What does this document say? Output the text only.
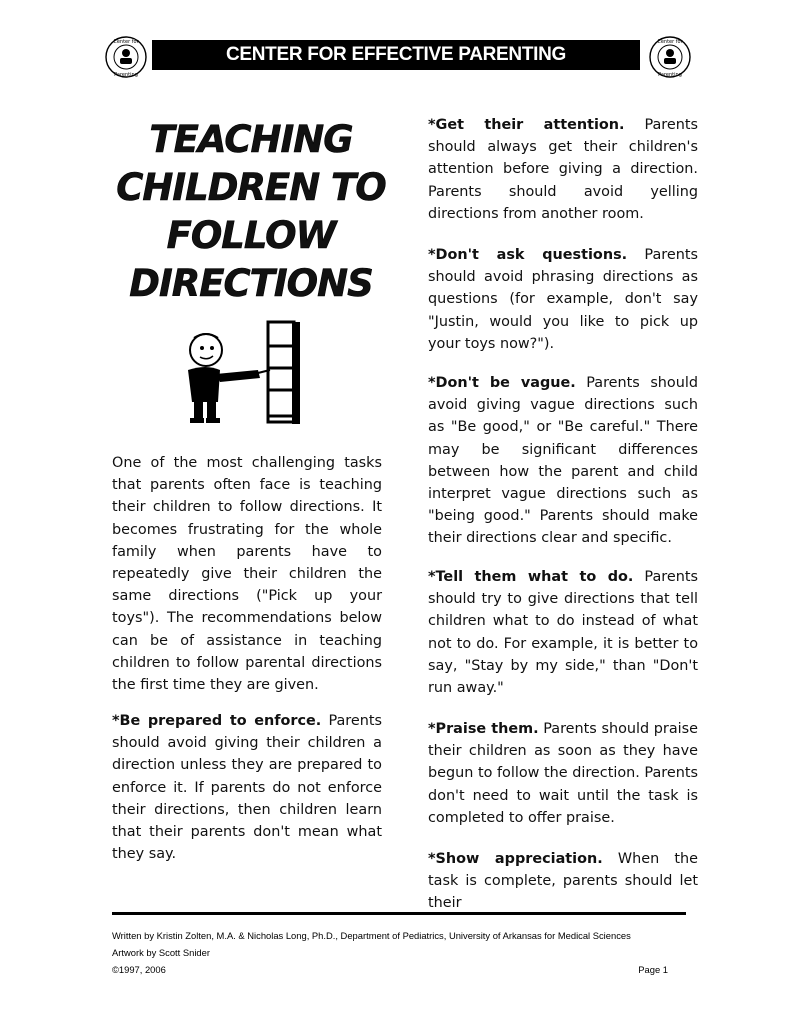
Center for
Parenting
CENTER FOR EFFECTIVE PARENTING
Center for
Parenting
TEACHING
CHILDREN TO
FOLLOW
DIRECTIONS
One of the most challenging tasks that parents often face is teaching their children to follow directions. It becomes frustrating for the whole family when parents have to repeatedly give their children the same directions ("Pick up your toys"). The recommendations below can be of assistance in teaching children to follow parental directions the first time they are given.
*Be prepared to enforce. Parents should avoid giving their children a direction unless they are prepared to enforce it. If parents do not enforce their directions, then children learn that their parents don't mean what they say.
*Get their attention. Parents should always get their children's attention before giving a direction. Parents should avoid yelling directions from another room.
*Don't ask questions. Parents should avoid phrasing directions as questions (for example, don't say "Justin, would you like to pick up your toys now?").
*Don't be vague. Parents should avoid giving vague directions such as "Be good," or "Be careful." There may be significant differences between how the parent and child interpret vague directions such as "being good." Parents should make their directions clear and specific.
*Tell them what to do. Parents should try to give directions that tell children what to do instead of what not to do. For example, it is better to say, "Stay by my side," than "Don't run away."
*Praise them. Parents should praise their children as soon as they have begun to follow the direction. Parents don't need to wait until the task is completed to offer praise.
*Show appreciation. When the task is complete, parents should let their
Written by Kristin Zolten, M.A. & Nicholas Long, Ph.D., Department of Pediatrics, University of Arkansas for Medical Sciences
Artwork by Scott Snider
©1997, 2006	Page 1
